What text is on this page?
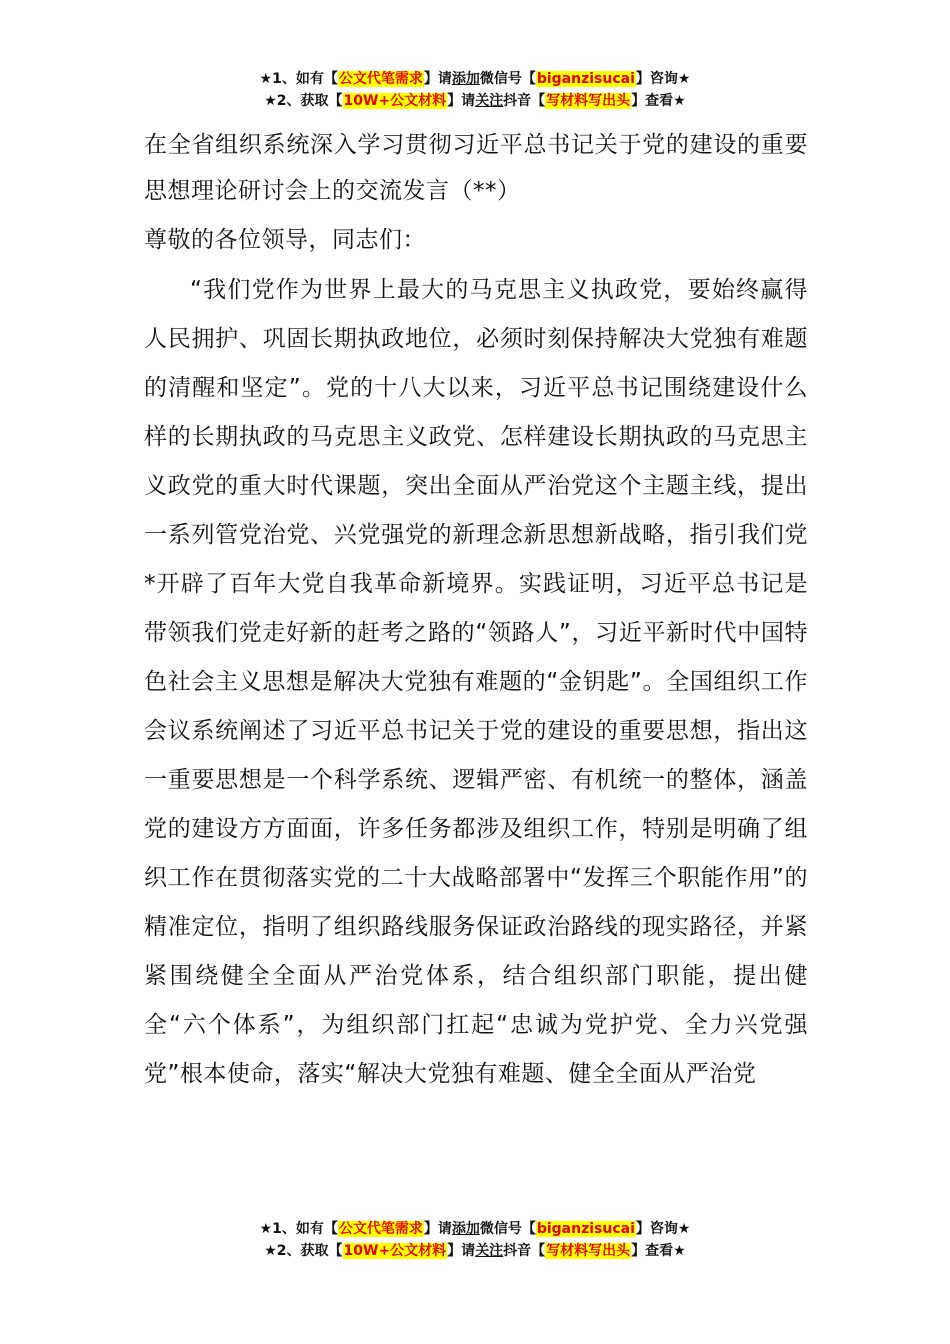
★1、如有【公文代笔需求】请添加微信号【biganzisucai】咨询★
★2、获取【10W+公文材料】请关注抖音【写材料写出头】查看★

在全省组织系统深入学习贯彻习近平总书记关于党的建设的重要思想理论研讨会上的交流发言（**）

尊敬的各位领导，同志们：

“我们党作为世界上最大的马克思主义执政党，要始终赢得人民拥护、巩固长期执政地位，必须时刻保持解决大党独有难题的清醒和坚定”。党的十八大以来，习近平总书记围绕建设什么样的长期执政的马克思主义政党、怎样建设长期执政的马克思主义政党的重大时代课题，突出全面从严治党这个主题主线，提出一系列管党治党、兴党强党的新理念新思想新战略，指引我们党*开辟了百年大党自我革命新境界。实践证明，习近平总书记是带领我们党走好新的赶考之路的“领路人”，习近平新时代中国特色社会主义思想是解决大党独有难题的“金钥匙”。全国组织工作会议系统阐述了习近平总书记关于党的建设的重要思想，指出这一重要思想是一个科学系统、逻辑严密、有机统一的整体，涵盖党的建设方方面面，许多任务都涉及组织工作，特别是明确了组织工作在贯彻落实党的二十大战略部署中“发挥三个职能作用”的精准定位，指明了组织路线服务保证政治路线的现实路径，并紧紧围绕健全全面从严治党体系，结合组织部门职能，提出健全“六个体系”，为组织部门扛起“忠诚为党护党、全力兴党强党”根本使命，落实“解决大党独有难题、健全全面从严治党

★1、如有【公文代笔需求】请添加微信号【biganzisucai】咨询★
★2、获取【10W+公文材料】请关注抖音【写材料写出头】查看★
